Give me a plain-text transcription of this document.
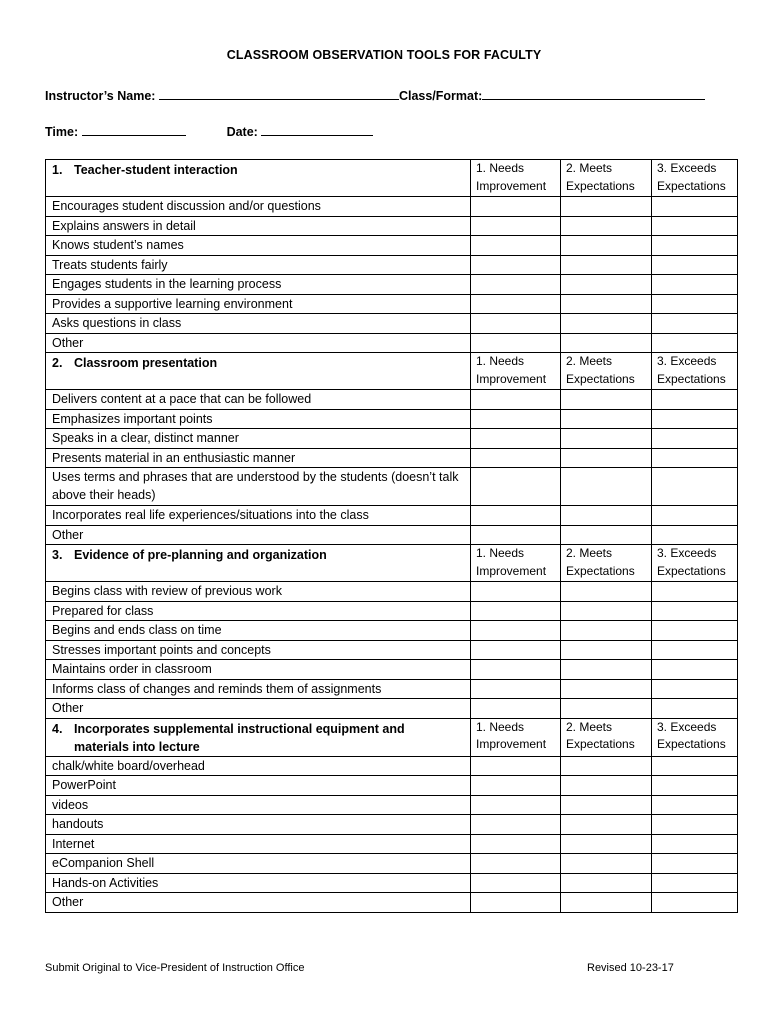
CLASSROOM OBSERVATION TOOLS FOR FACULTY
Instructor’s Name:	Class/Format:
Time:	Date:
1. Teacher-student interaction	1. Needs Improvement	2. Meets Expectations	3. Exceeds Expectations
Encourages student discussion and/or questions			
Explains answers in detail			
Knows student’s names			
Treats students fairly			
Engages students in the learning process			
Provides a supportive learning environment			
Asks questions in class			
Other			
2. Classroom presentation	1. Needs Improvement	2. Meets Expectations	3. Exceeds Expectations
Delivers content at a pace that can be followed			
Emphasizes important points			
Speaks in a clear, distinct manner			
Presents material in an enthusiastic manner			
Uses terms and phrases that are understood by the students (doesn’t talk above their heads)			
Incorporates real life experiences/situations into the class			
Other			
3. Evidence of pre-planning and organization	1. Needs Improvement	2. Meets Expectations	3. Exceeds Expectations
Begins class with review of previous work			
Prepared for class			
Begins and ends class on time			
Stresses important points and concepts			
Maintains order in classroom			
Informs class of changes and reminds them of assignments			
Other			
4. Incorporates supplemental instructional equipment and materials into lecture	1. Needs Improvement	2. Meets Expectations	3. Exceeds Expectations
chalk/white board/overhead			
PowerPoint			
videos			
handouts			
Internet			
eCompanion Shell			
Hands-on Activities			
Other			
Submit Original to Vice-President of Instruction Office	Revised 10-23-17
